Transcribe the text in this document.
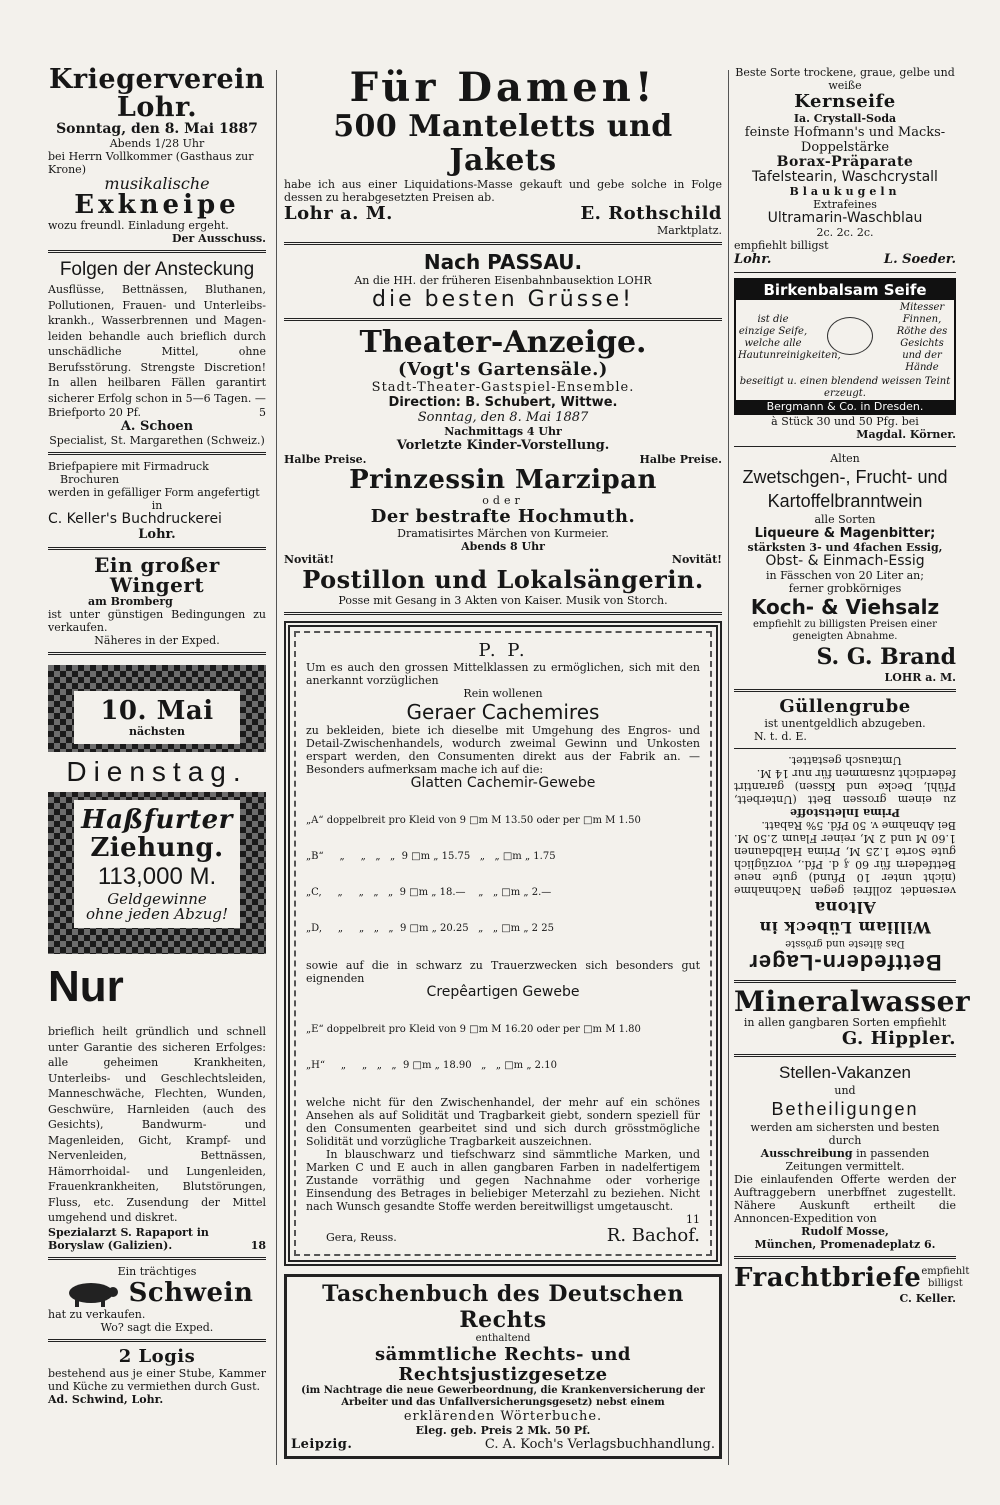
Kriegerverein Lohr.
Sonntag, den 8. Mai 1887
Abends 1/28 Uhr
bei Herrn Vollkommer (Gasthaus zur Krone)
musikalische
Exkneipe
wozu freundl. Einladung ergeht.
Der Ausschuss.
Folgen der Ansteckung
Ausflüsse, Bettnässen, Bluthanen, Pollutionen, Frauen- und Unterleibs-krankh., Wasserbrennen und Magen-leiden behandle auch brieflich durch unschädliche Mittel, ohne Berufsstörung. Strengste Discretion! In allen heilbaren Fällen garantirt sicherer Erfolg schon in 5—6 Tagen. —
Briefporto 20 Pf.	5
A. Schoen
Specialist, St. Margarethen (Schweiz.)
Briefpapiere mit Firmadruck
Brochuren
werden in gefälliger Form angefertigt
in
C. Keller's Buchdruckerei
Lohr.
Ein großer Wingert
am Bromberg
ist unter günstigen Bedingungen zu verkaufen.
Näheres in der Exped.
10. Mai
nächsten
Dienstag.
Haßfurter
Ziehung.
113,000 M.
Geldgewinne
ohne jeden Abzug!
Nur
brieflich heilt gründlich und schnell unter Garantie des sicheren Erfolges: alle geheimen Krankheiten, Unterleibs- und Geschlechtsleiden, Manneschwäche, Flechten, Wunden, Geschwüre, Harnleiden (auch des Gesichts), Bandwurm- und Magenleiden, Gicht, Krampf- und Nervenleiden, Bettnässen, Hämorrhoidal- und Lungenleiden, Frauenkrankheiten, Blutstörungen, Fluss, etc. Zusendung der Mittel umgehend und diskret.
Spezialarzt S. Rapaport in
Boryslaw (Galizien).	18
Ein trächtiges
Schwein
hat zu verkaufen.
Wo? sagt die Exped.
2 Logis
bestehend aus je einer Stube, Kammer und Küche zu vermiethen durch Gust.
Ad. Schwind, Lohr.
Für Damen!
500 Manteletts und Jakets
habe ich aus einer Liquidations-Masse gekauft und gebe solche in Folge dessen zu herabgesetzten Preisen ab.
Lohr a. M.	E. Rothschild
Marktplatz.
Nach PASSAU.
An die HH. der früheren Eisenbahnbausektion LOHR
die besten Grüsse!
Theater-Anzeige.
(Vogt's Gartensäle.)
Stadt-Theater-Gastspiel-Ensemble.
Direction: B. Schubert, Wittwe.
Sonntag, den 8. Mai 1887
Nachmittags 4 Uhr
Vorletzte Kinder-Vorstellung.
Halbe Preise.	Halbe Preise.
Prinzessin Marzipan
oder
Der bestrafte Hochmuth.
Dramatisirtes Märchen von Kurmeier.
Abends 8 Uhr
Novität!	Novität!
Postillon und Lokalsängerin.
Posse mit Gesang in 3 Akten von Kaiser. Musik von Storch.
P. P.
Um es auch den grossen Mittelklassen zu ermöglichen, sich mit den anerkannt vorzüglichen
Rein wollenen
Geraer Cachemires
zu bekleiden, biete ich dieselbe mit Umgehung des Engros- und Detail-Zwischenhandels, wodurch zweimal Gewinn und Unkosten erspart werden, den Consumenten direkt aus der Fabrik an. — Besonders aufmerksam mache ich auf die:
Glatten Cachemir-Gewebe

„A“ doppelbreit pro Kleid von 9 □m M 13.50 oder per □m M 1.50

„B“     „     „   „   „  9 □m „ 15.75   „   „ □m „ 1.75

„C,     „     „   „   „  9 □m „ 18.—    „   „ □m „ 2.—

„D,     „     „   „   „  9 □m „ 20.25   „   „ □m „ 2 25

sowie auf die in schwarz zu Trauerzwecken sich besonders gut eignenden
Crepêartigen Gewebe

„E“ doppelbreit pro Kleid von 9 □m M 16.20 oder per □m M 1.80

„H“     „     „   „   „  9 □m „ 18.90   „   „ □m „ 2.10

welche nicht für den Zwischenhandel, der mehr auf ein schönes Ansehen als auf Solidität und Tragbarkeit giebt, sondern speziell für den Consumenten gearbeitet sind und sich durch grösstmögliche Solidität und vorzügliche Tragbarkeit auszeichnen.
In blauschwarz und tiefschwarz sind sämmtliche Marken, und Marken C und E auch in allen gangbaren Farben in nadelfertigem Zustande vorräthig und gegen Nachnahme oder vorherige Einsendung des Betrages in beliebiger Meterzahl zu beziehen. Nicht nach Wunsch gesandte Stoffe werden bereitwilligst umgetauscht.
11
Gera, Reuss.	R. Bachof.
Taschenbuch des Deutschen Rechts
enthaltend
sämmtliche Rechts- und Rechtsjustizgesetze
(im Nachtrage die neue Gewerbeordnung, die Krankenversicherung der Arbeiter und das Unfallversicherungsgesetz) nebst einem
erklärenden Wörterbuche.
Eleg. geb. Preis 2 Mk. 50 Pf.
Leipzig.	C. A. Koch's Verlagsbuchhandlung.
Beste Sorte trockene, graue, gelbe und
weiße
Kernseife
Ia. Crystall-Soda
feinste Hofmann's und Macks-
Doppelstärke
Borax-Präparate
Tafelstearin, Waschcrystall
Blaukugeln
Extrafeines
Ultramarin-Waschblau
2c. 2c. 2c.
empfiehlt billigst
Lohr.	L. Soeder.
Birkenbalsam Seife
ist die einzige Seife, welche alle Hautunreinigkeiten,
Mitesser Finnen, Röthe des Gesichts und der Hände
beseitigt u. einen blendend weissen Teint erzeugt.
Bergmann & Co. in Dresden.
à Stück 30 und 50 Pfg. bei
Magdal. Körner.
Alten
Zwetschgen-, Frucht- und
Kartoffelbranntwein
alle Sorten
Liqueure & Magenbitter;
stärksten 3- und 4fachen Essig,
Obst- & Einmach-Essig
in Fässchen von 20 Liter an;
ferner grobkörniges
Koch- & Viehsalz
empfiehlt zu billigsten Preisen einer geneigten Abnahme.
S. G. Brand
LOHR a. M.
Güllengrube
ist unentgeldlich abzugeben.
N. t. d. E.
Bettfedern-Lager
Das älteste und grösste
William Lübeck in Altona
versendet zollfrei gegen Nachnahme (nicht unter 10 Pfund) gute neue Bettfedern für 60 ₰ d. Pfd., vorzüglich gute Sorte 1.25 M, Prima Halbdaunen 1.60 M und 2 M, reiner Flaum 2.50 M. Bei Abnahme v. 50 Pfd. 5% Rabatt.
Prima Inlettstoffe
zu einem grossen Bett (Unterbett, Pfühl, Decke und Kissen) garantirt federdicht zusammen für nur 14 M.
Umtausch gestattet.
Mineralwasser
in allen gangbaren Sorten empfiehlt
G. Hippler.
Stellen-Vakanzen
und
Betheiligungen
werden am sichersten und besten durch
Ausschreibung in passenden Zeitungen vermittelt.
Die einlaufenden Offerte werden der Auftraggebern unerbffnet zugestellt. Nähere Auskunft ertheilt die Annoncen-Expedition von
Rudolf Mosse,
München, Promenadeplatz 6.
Frachtbriefe empfiehlt
billigst
C. Keller.
